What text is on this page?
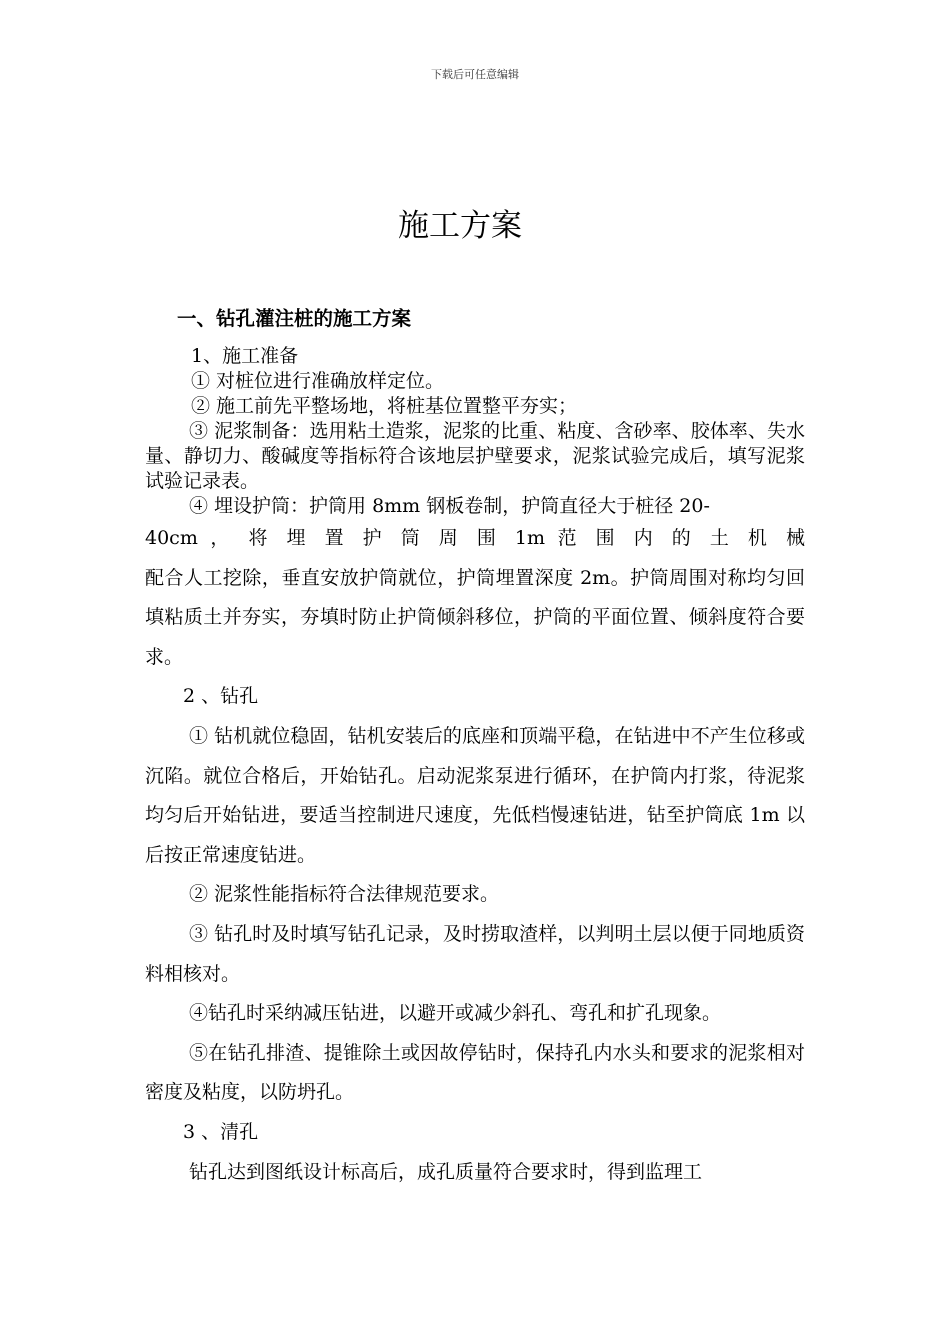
下载后可任意编辑
施工方案
一、钻孔灌注桩的施工方案

1、施工准备

① 对桩位进行准确放样定位。

② 施工前先平整场地，将桩基位置整平夯实；

③ 泥浆制备：选用粘土造浆，泥浆的比重、粘度、含砂率、胶体率、失水量、静切力、酸碱度等指标符合该地层护壁要求，泥浆试验完成后，填写泥浆试验记录表。

④ 埋设护筒：护筒用 8mm 钢板卷制，护筒直径大于桩径 20-

40cm ， 将 埋 置 护 筒 周 围 1m 范 围 内 的 土 机 械

配合人工挖除，垂直安放护筒就位，护筒埋置深度 2m。护筒周围对称均匀回填粘质土并夯实，夯填时防止护筒倾斜移位，护筒的平面位置、倾斜度符合要求。

2 、钻孔

① 钻机就位稳固，钻机安装后的底座和顶端平稳，在钻进中不产生位移或沉陷。就位合格后，开始钻孔。启动泥浆泵进行循环，在护筒内打浆，待泥浆均匀后开始钻进，要适当控制进尺速度，先低档慢速钻进，钻至护筒底 1m 以后按正常速度钻进。

② 泥浆性能指标符合法律规范要求。

③ 钻孔时及时填写钻孔记录，及时捞取渣样，以判明土层以便于同地质资料相核对。

④钻孔时采纳减压钻进，以避开或减少斜孔、弯孔和扩孔现象。

⑤在钻孔排渣、提锥除土或因故停钻时，保持孔内水头和要求的泥浆相对密度及粘度，以防坍孔。

3 、清孔

钻孔达到图纸设计标高后，成孔质量符合要求时，得到监理工
